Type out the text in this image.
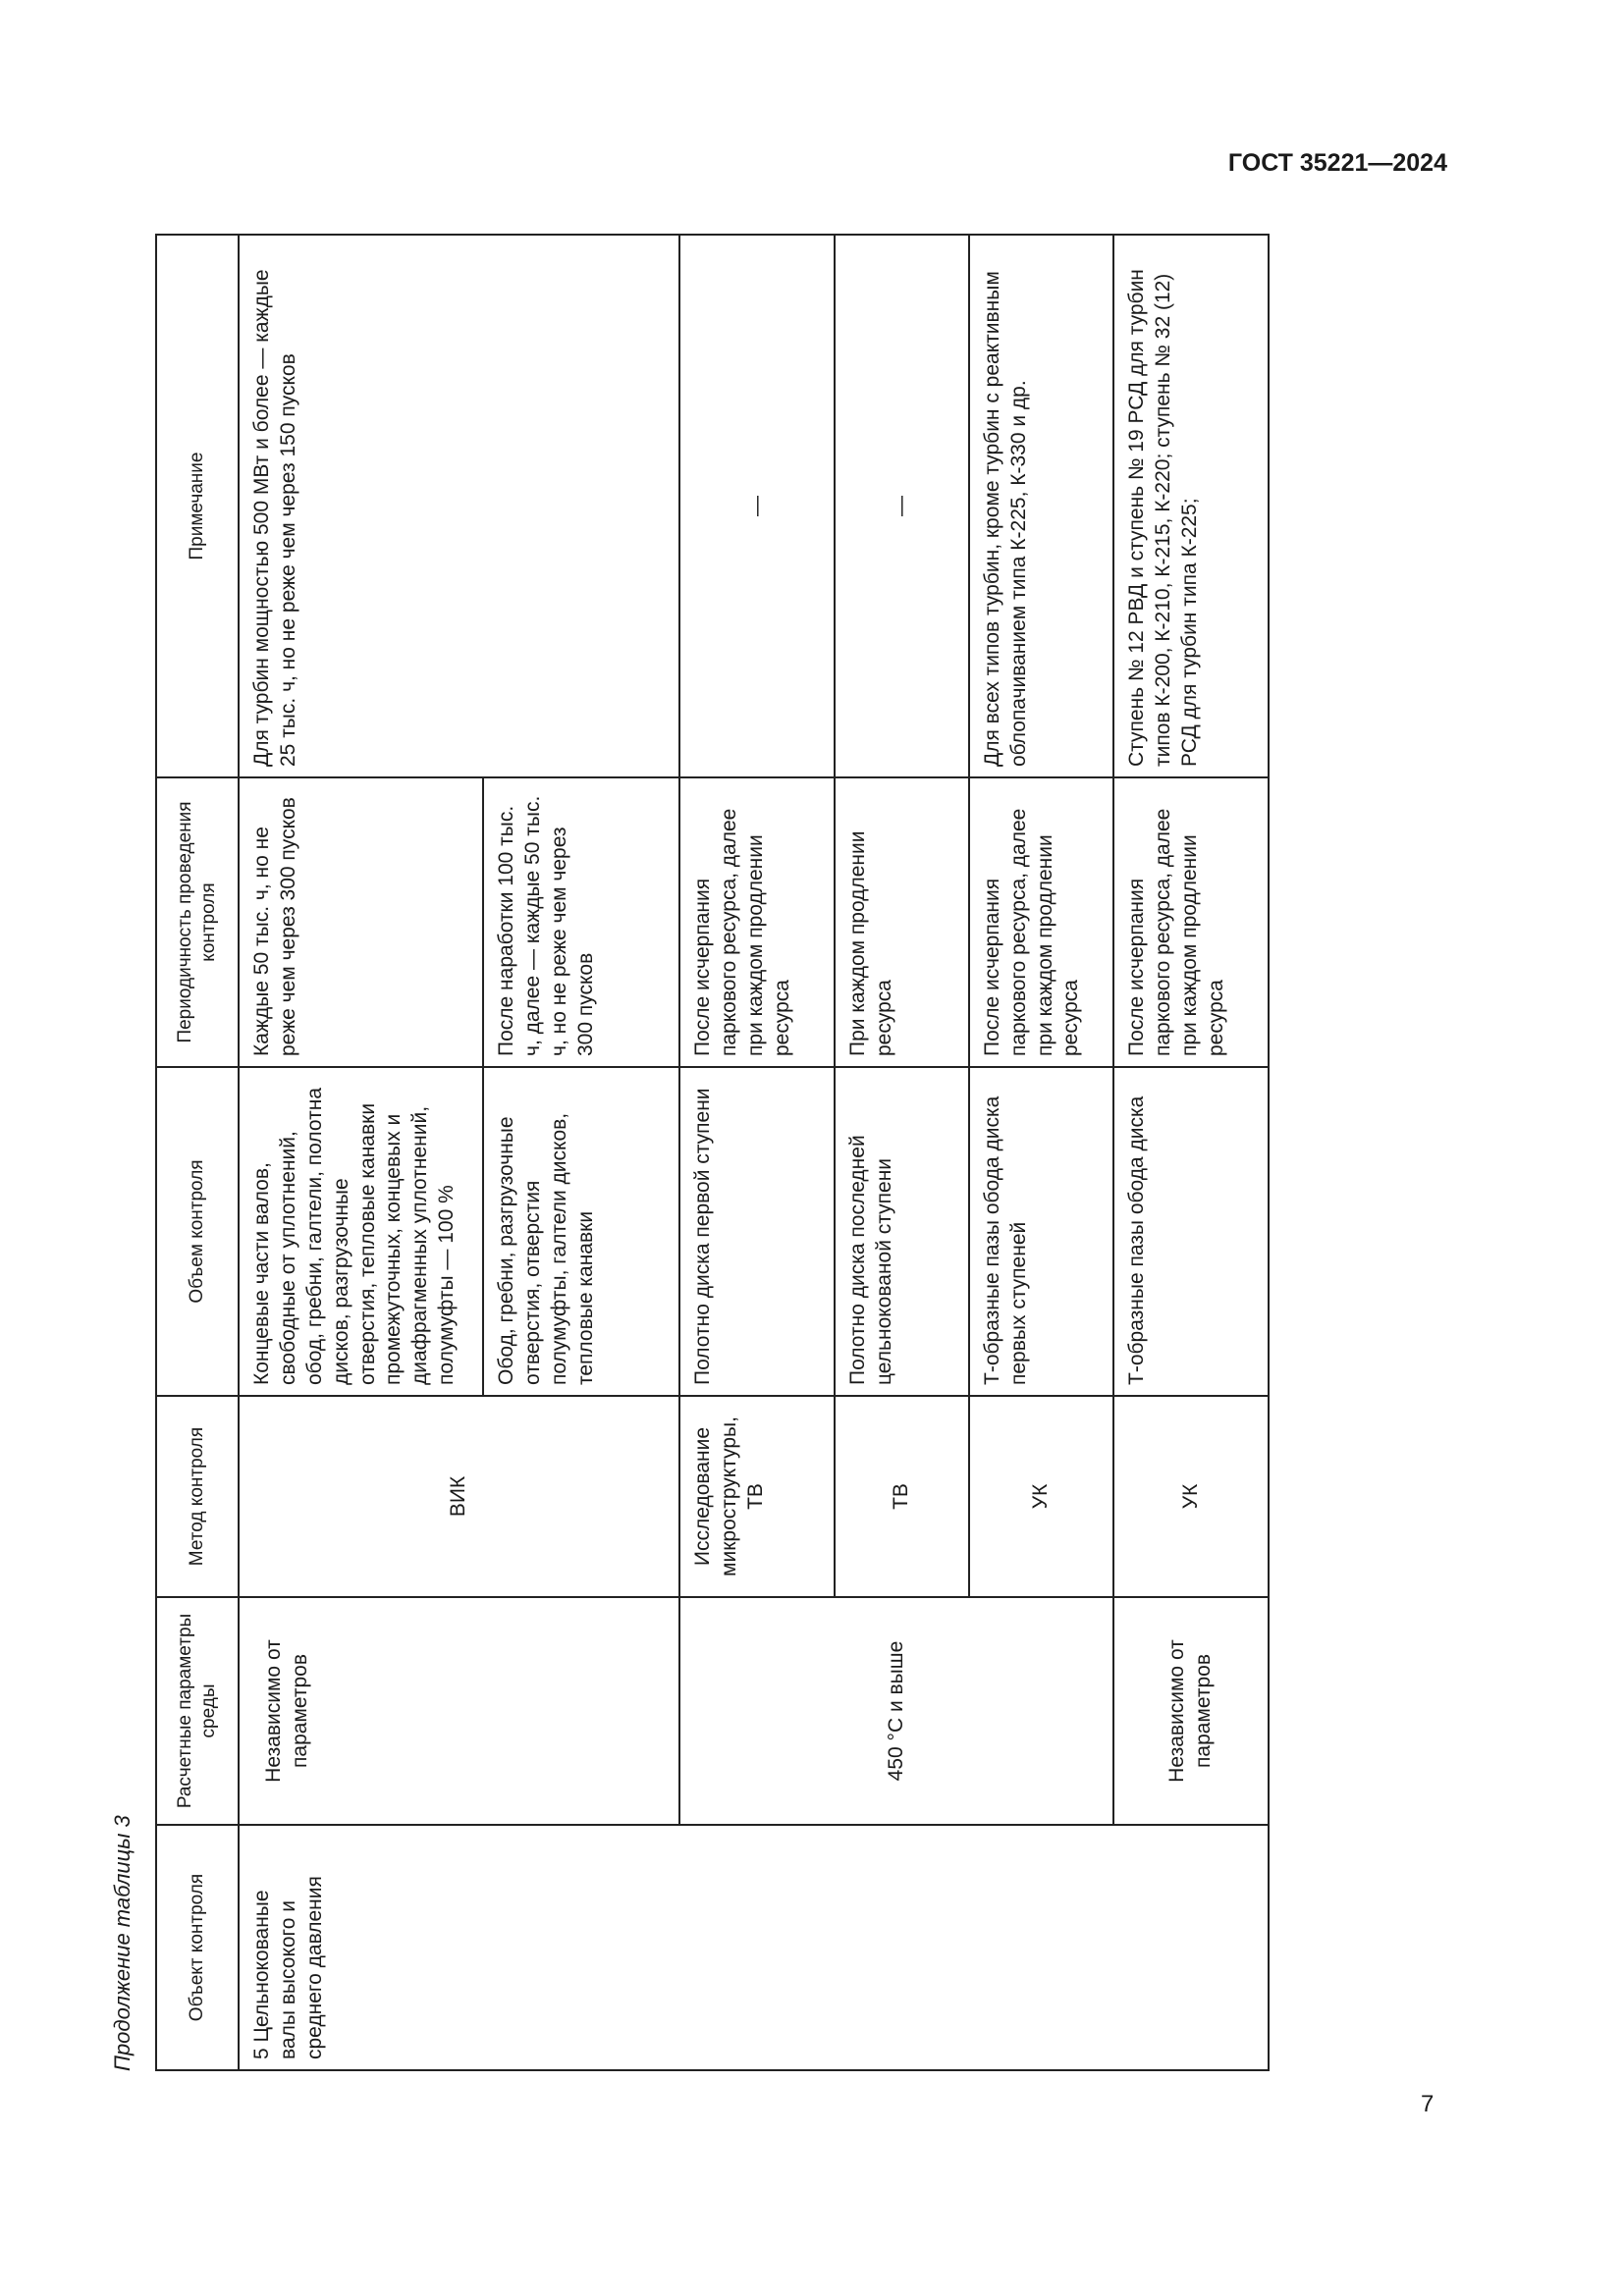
ГОСТ 35221—2024
Продолжение таблицы 3	Объект контроля	Расчетные параметры среды	Метод контроля	Объем контроля	Периодичность проведения контроля	Примечание
5 Цельнокованые валы высокого и среднего давления	Независимо от параметров	ВИК	Концевые части валов, свободные от уплотнений, обод, гребни, галтели, полотна дисков, разгрузочные отверстия, тепловые канавки промежуточных, концевых и диафрагменных уплотнений, полумуфты — 100 %	Каждые 50 тыс. ч, но не реже чем через 300 пусков	Для турбин мощностью 500 МВт и более — каждые 25 тыс. ч, но не реже чем через 150 пусков
			Обод, гребни, разгрузочные отверстия, отверстия полумуфты, галтели дисков, тепловые канавки	После наработки 100 тыс. ч, далее — каждые 50 тыс. ч, но не реже чем через 300 пусков	
	450 °С и выше	Исследование микроструктуры, ТВ	Полотно диска первой ступени	После исчерпания паркового ресурса, далее при каждом продлении ресурса	—
		ТВ	Полотно диска последней цельнокованой ступени	При каждом продлении ресурса	—
		УК	Т-образные пазы обода диска первых ступеней	После исчерпания паркового ресурса, далее при каждом продлении ресурса	Для всех типов турбин, кроме турбин с реактивным облопачиванием типа К-225, К-330 и др.
	Независимо от параметров	УК	Т-образные пазы обода диска	После исчерпания паркового ресурса, далее при каждом продлении ресурса	Ступень № 12 РВД и ступень № 19 РСД для турбин типов К-200, К-210, К-215, К-220; ступень № 32 (12) РСД для турбин типа К-225;
7
